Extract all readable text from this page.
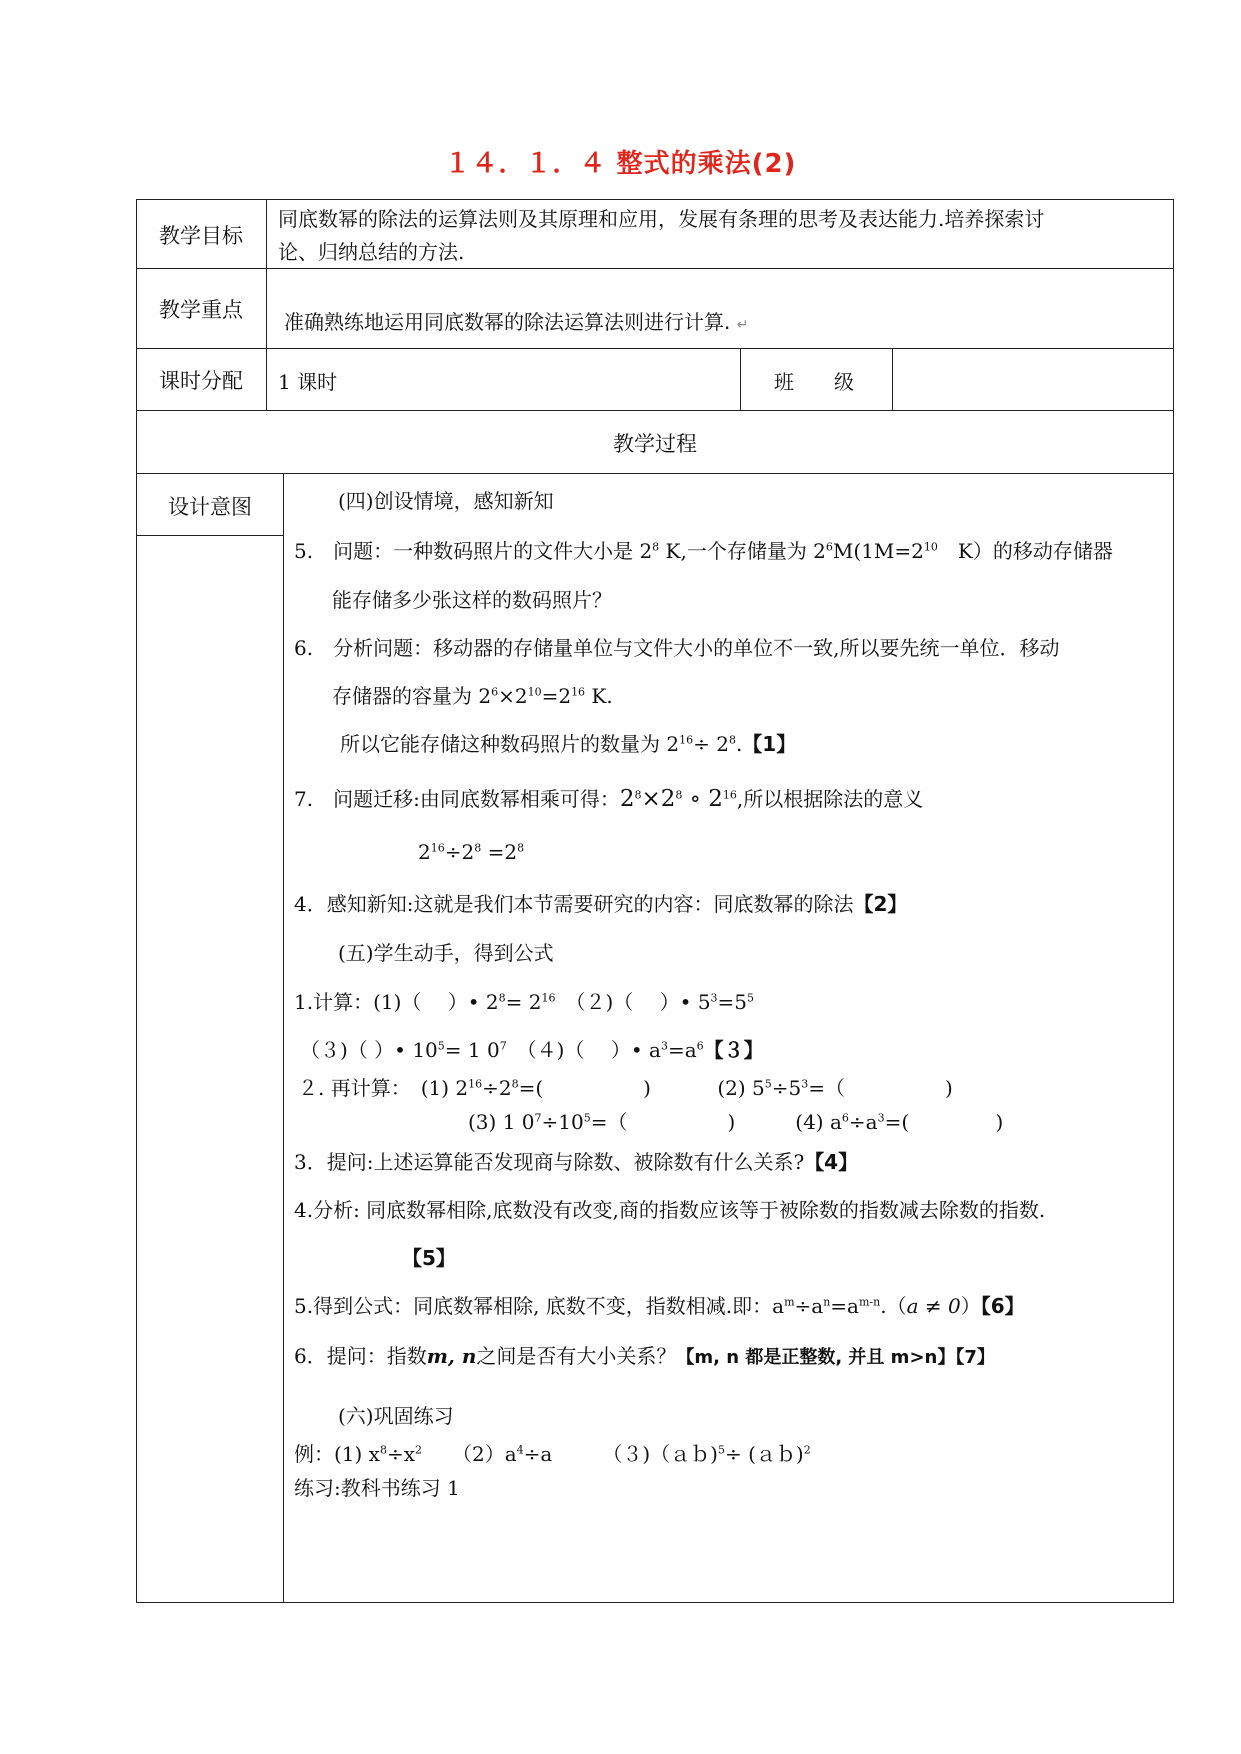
１４．１．４ 整式的乘法(2)
教学目标
教学重点
课时分配
教学过程
设计意图
同底数幂的除法的运算法则及其原理和应用，发展有条理的思考及表达能力.培养探索讨
论、归纳总结的方法.
准确熟练地运用同底数幂的除法运算法则进行计算. ↵
1 课时	班　　级
(四)创设情境，感知新知
5.　问题：一种数码照片的文件大小是 $2^8$ K,一个存储量为 $2^6M(1M=2^{10}$　K）的移动存储器
能存储多少张这样的数码照片？
6.　分析问题：移动器的存储量单位与文件大小的单位不一致,所以要先统一单位．移动
存储器的容量为 $2^6\times 2^{10}=2^{16}$ K.
所以它能存储这种数码照片的数量为 $2^{16}\div 2^8$.【1】
7.　问题迁移:由同底数幂相乘可得：$2^8\times 2^8$ ∘ $2^{16}$,所以根据除法的意义
$2^{16}\div 2^8 =2^8$
4．感知新知:这就是我们本节需要研究的内容：同底数幂的除法【2】
(五)学生动手，得到公式
1.计算：(1)（　 ）• $2^8= 2^{16}$　（２)（　 ）• $5^3=5^5$
（３)（ ）• $10^5= 1$ $0^7$　（４)（　 ）• $a^3=a^6$【３】
２. 再计算：　(1) $2^{16}\div 2^8=$(　　　　　)　　　 (2) $5^5\div 5^3=$（　　　　　)
(3) 1 $0^7\div 10^5=$（　　　　　)　　　(4) $a^6\div a^3=$(　　　　 )
3．提问:上述运算能否发现商与除数、被除数有什么关系?【4】
4.分析: 同底数幂相除,底数没有改变,商的指数应该等于被除数的指数减去除数的指数.
【5】
5.得到公式：同底数幂相除, 底数不变，指数相减.即：$a^m\div a^n=a^{m-n}.(a \ne 0)$【6】
6．提问：指数m, n之间是否有大小关系？【m, n 都是正整数, 并且 m>n】【7】
(六)巩固练习
例：(1) $x^8\div x^2$　　$(2)a^4\div a$　　　（３)（ａｂ)$^5$÷ (ａｂ)$^2$
练习:教科书练习 1
